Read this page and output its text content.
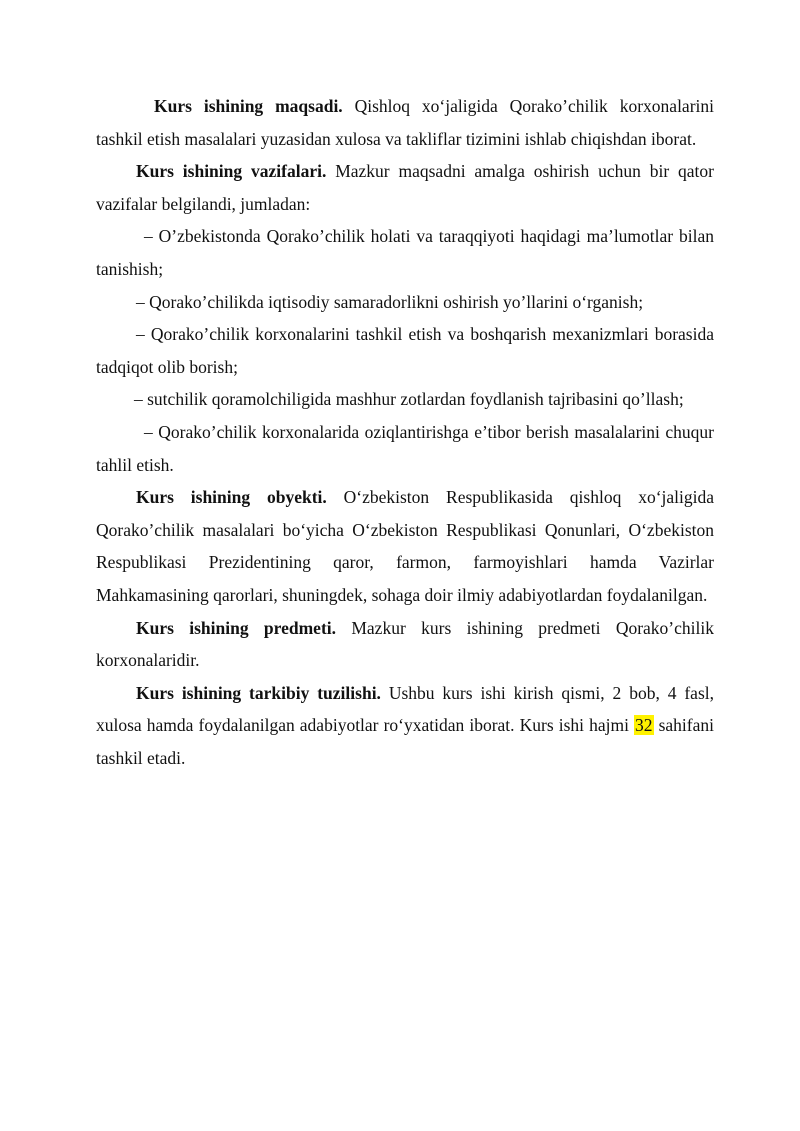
Kurs ishining maqsadi. Qishloq xo‘jaligida Qorako’chilik korxonalarini tashkil etish masalalari yuzasidan xulosa va takliflar tizimini ishlab chiqishdan iborat.

Kurs ishining vazifalari. Mazkur maqsadni amalga oshirish uchun bir qator vazifalar belgilandi, jumladan:

– O’zbekistonda Qorako’chilik holati va taraqqiyoti haqidagi ma’lumotlar bilan tanishish;

– Qorako’chilikda iqtisodiy samaradorlikni oshirish yo’llarini o‘rganish;

– Qorako’chilik korxonalarini tashkil etish va boshqarish mexanizmlari borasida tadqiqot olib borish;

– sutchilik qoramolchiligida mashhur zotlardan foydlanish tajribasini qo’llash;

– Qorako’chilik korxonalarida oziqlantirishga e’tibor berish masalalarini chuqur tahlil etish.

Kurs ishining obyekti. O‘zbekiston Respublikasida qishloq xo‘jaligida Qorako’chilik masalalari bo‘yicha O‘zbekiston Respublikasi Qonunlari, O‘zbekiston Respublikasi Prezidentining qaror, farmon, farmoyishlari hamda Vazirlar Mahkamasining qarorlari, shuningdek, sohaga doir ilmiy adabiyotlardan foydalanilgan.

Kurs ishining predmeti. Mazkur kurs ishining predmeti Qorako’chilik korxonalaridir.

Kurs ishining tarkibiy tuzilishi. Ushbu kurs ishi kirish qismi, 2 bob, 4 fasl, xulosa hamda foydalanilgan adabiyotlar ro‘yxatidan iborat. Kurs ishi hajmi 32 sahifani tashkil etadi.
